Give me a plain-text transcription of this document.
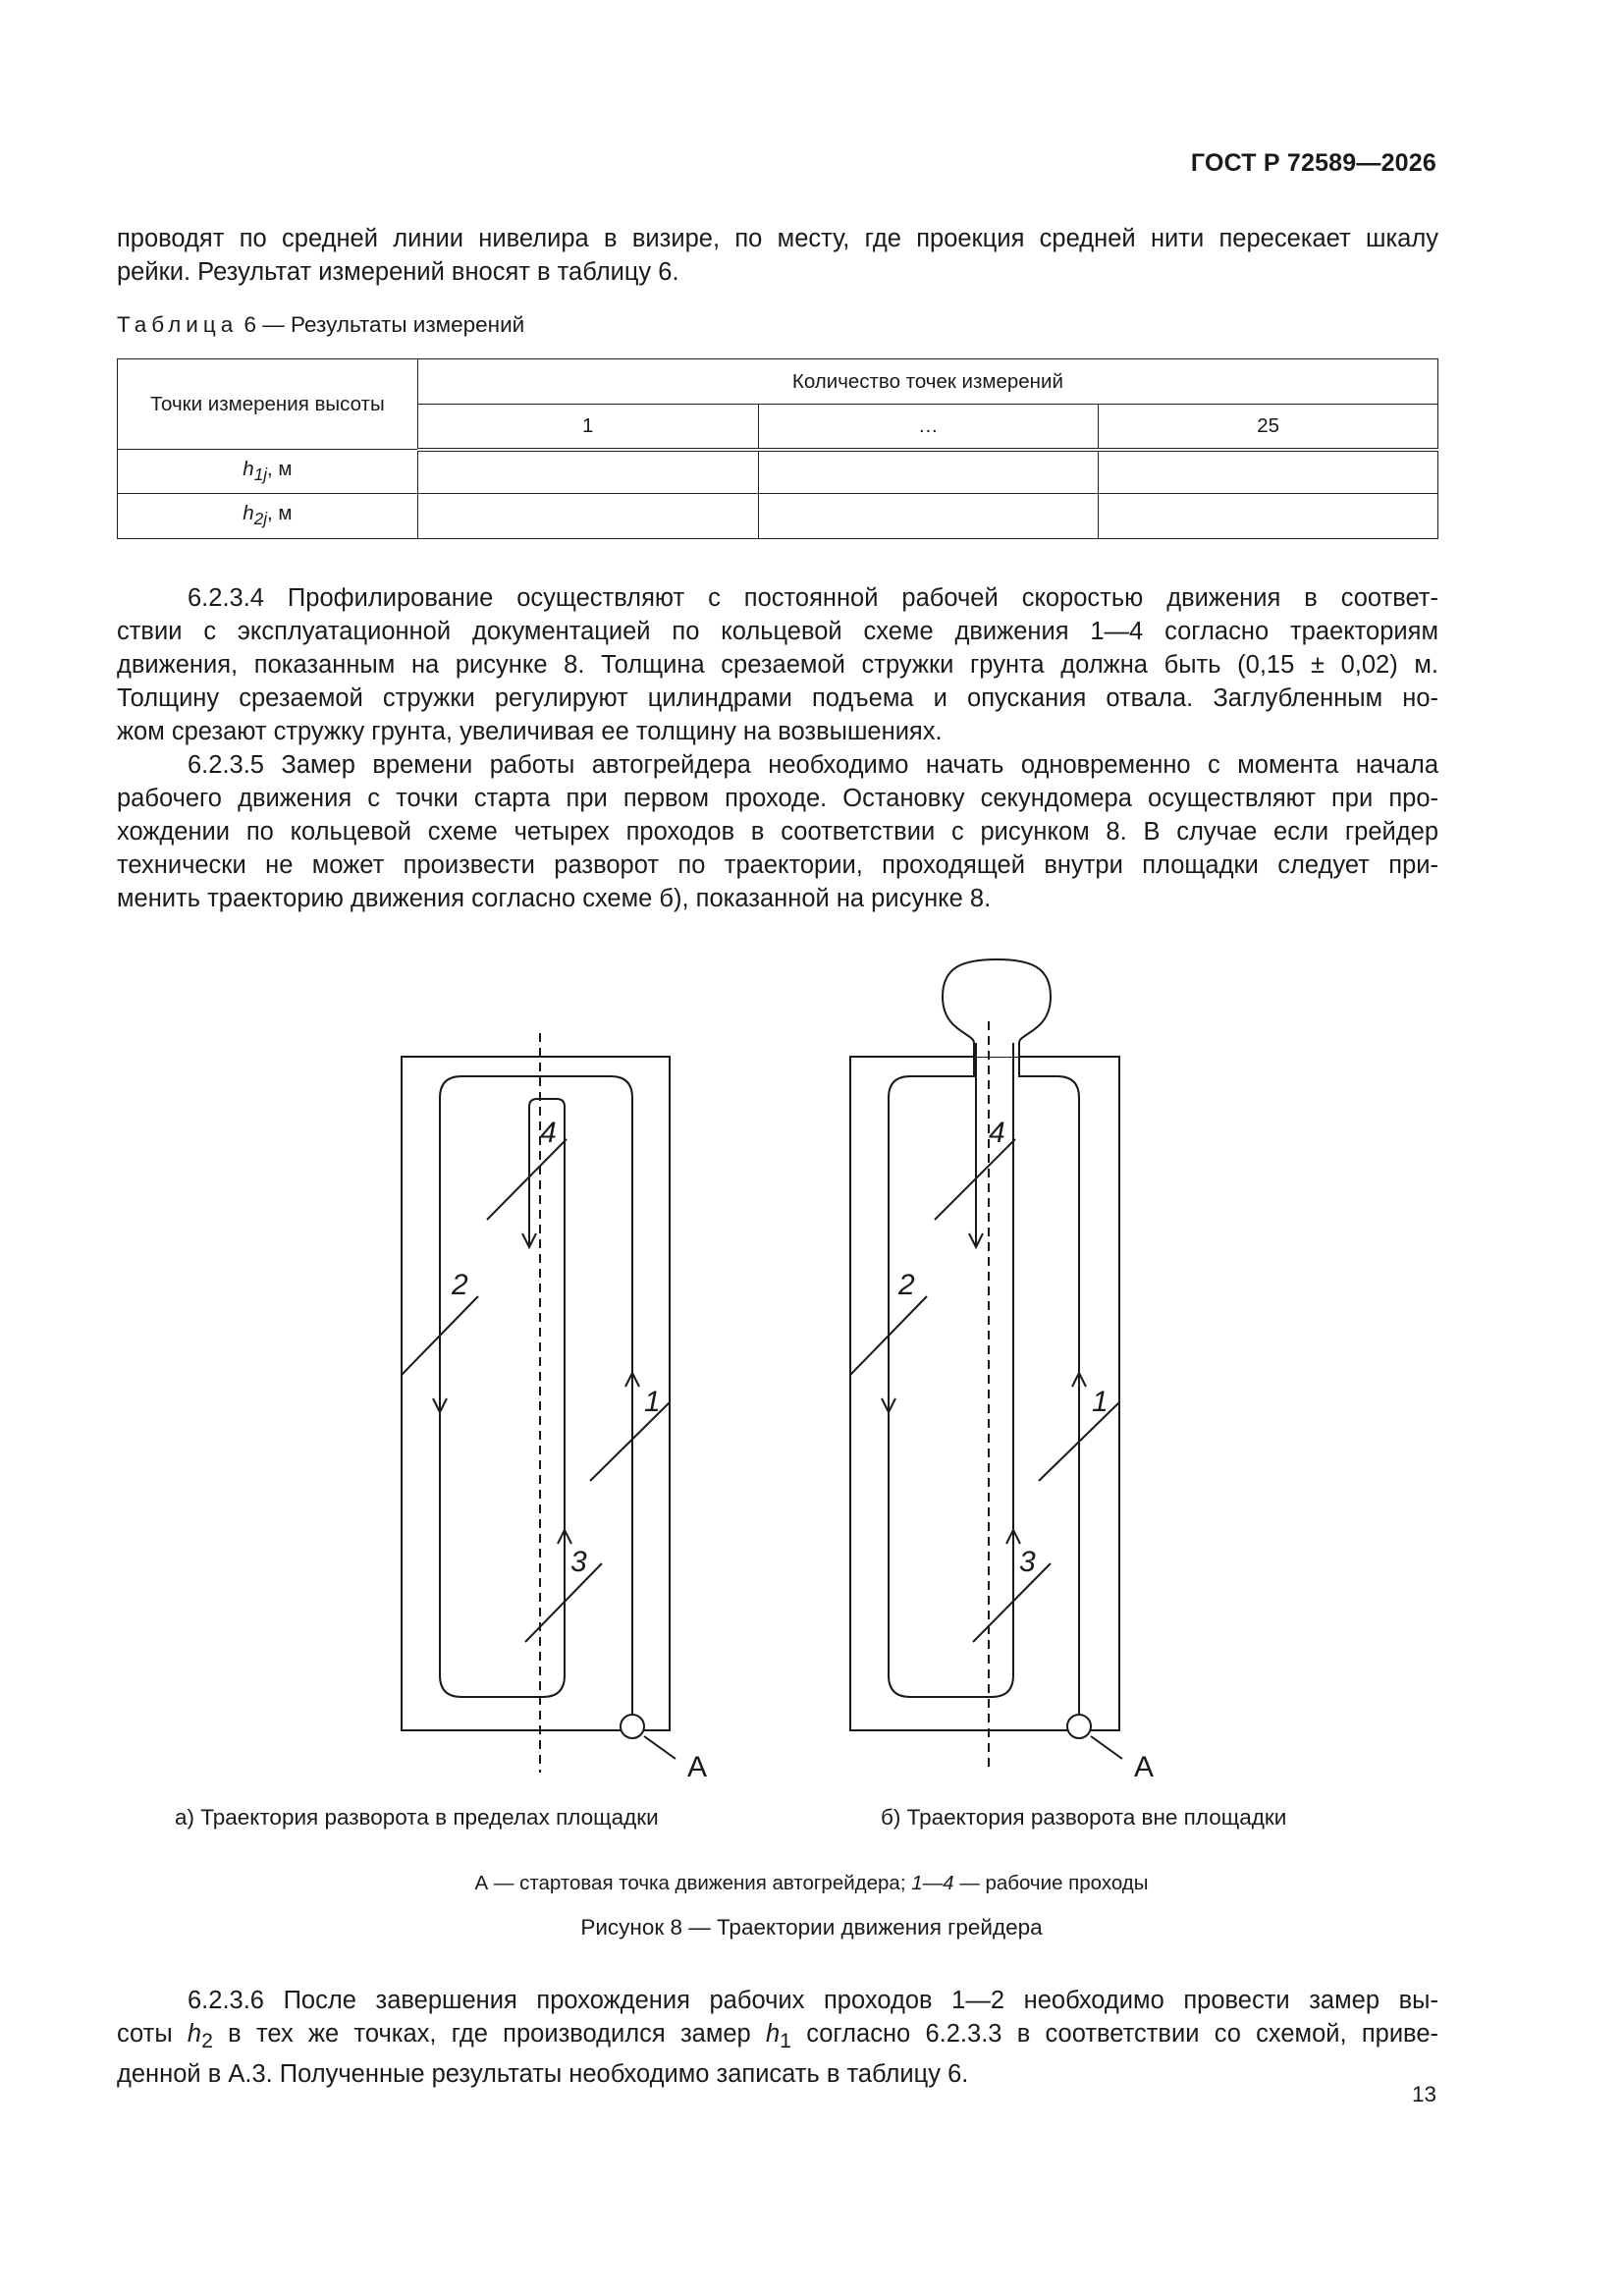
ГОСТ Р 72589—2026

проводят по средней линии нивелира в визире, по месту, где проекция средней нити пересекает шкалу
рейки. Результат измерений вносят в таблицу 6.

Таблица 6 — Результаты измерений
Точки измерения высоты	Количество точек измерений		
	1	…	25
$h_{1j}$, м			
$h_{2j}$, м			

6.2.3.4 Профилирование осуществляют с постоянной рабочей скоростью движения в соответ-
ствии с эксплуатационной документацией по кольцевой схеме движения 1—4 согласно траекториям
движения, показанным на рисунке 8. Толщина срезаемой стружки грунта должна быть (0,15 ± 0,02) м.
Толщину срезаемой стружки регулируют цилиндрами подъема и опускания отвала. Заглубленным но-
жом срезают стружку грунта, увеличивая ее толщину на возвышениях.

6.2.3.5 Замер времени работы автогрейдера необходимо начать одновременно с момента начала
рабочего движения с точки старта при первом проходе. Остановку секундомера осуществляют при про-
хождении по кольцевой схеме четырех проходов в соответствии с рисунком 8. В случае если грейдер
технически не может произвести разворот по траектории, проходящей внутри площадки следует при-
менить траекторию движения согласно схеме б), показанной на рисунке 8.

4
2
1
3
А
4
2
1
3
А
а) Траектория разворота в пределах площадки	б) Траектория разворота вне площадки
А — стартовая точка движения автогрейдера; 1—4 — рабочие проходы
Рисунок 8 — Траектории движения грейдера

6.2.3.6 После завершения прохождения рабочих проходов 1—2 необходимо провести замер вы-
соты $h_2$ в тех же точках, где производился замер $h_1$ согласно 6.2.3.3 в соответствии со схемой, приве-
денной в А.3. Полученные результаты необходимо записать в таблицу 6.

13
